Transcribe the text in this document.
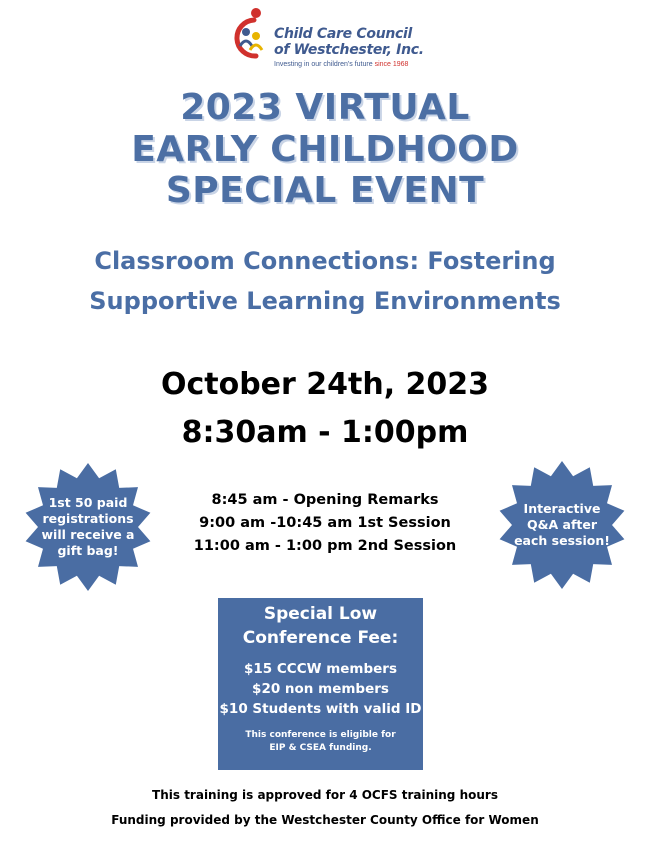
Child Care Council
of Westchester, Inc.
Investing in our children's future since 1968
2023 VIRTUAL
EARLY CHILDHOOD
SPECIAL EVENT
Classroom Connections: Fostering
Supportive Learning Environments
October 24th, 2023
8:30am - 1:00pm
1st 50 paid
registrations
will receive a
gift bag!
Interactive
Q&A after
each session!
8:45 am - Opening Remarks
9:00 am -10:45 am 1st Session
11:00 am - 1:00 pm 2nd Session
Special Low
Conference Fee:
$15 CCCW members
$20 non members
$10 Students with valid ID
This conference is eligible for
EIP & CSEA funding.
This training is approved for 4 OCFS training hours
Funding provided by the Westchester County Office for Women
